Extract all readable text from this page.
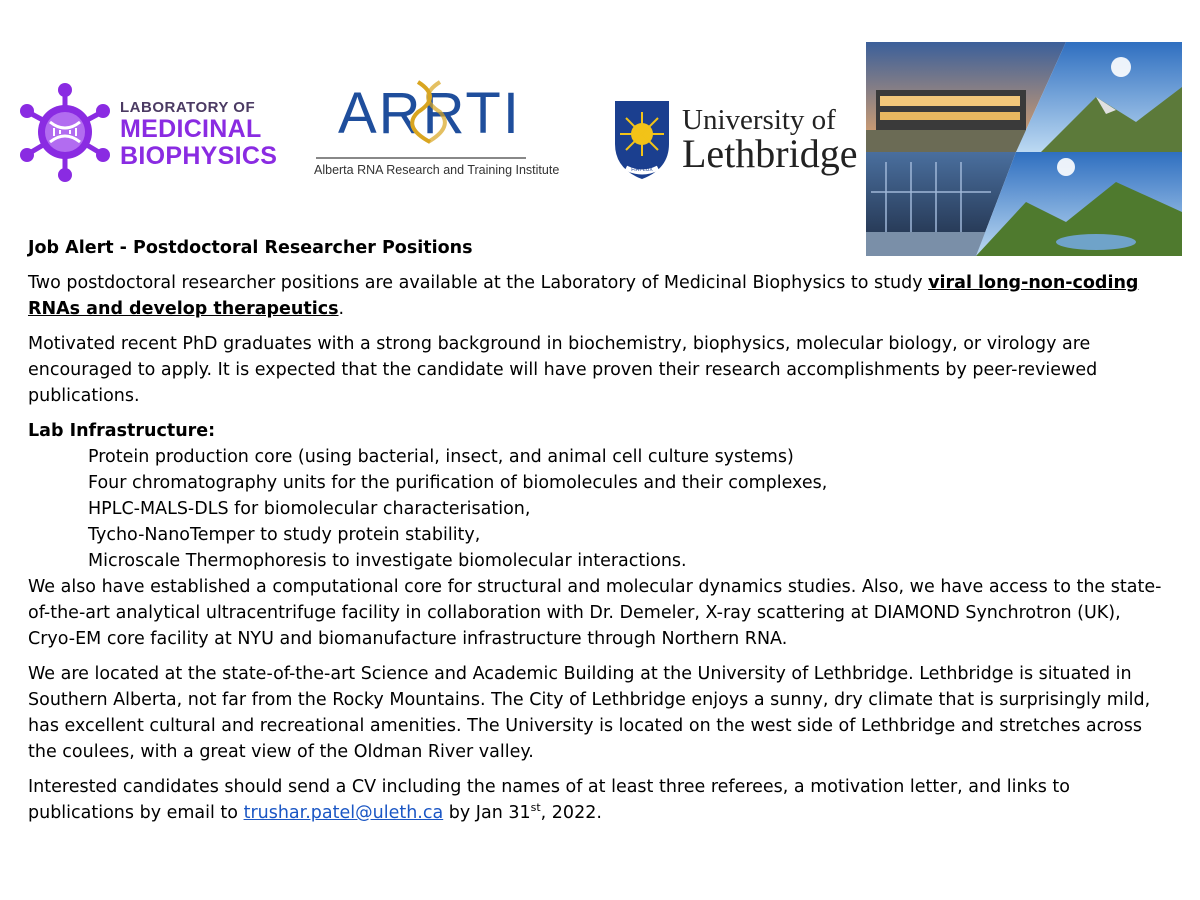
LABORATORY OF
MEDICINAL
BIOPHYSICS
ARRTI
Alberta RNA Research and Training Institute	FIAT LUX
University of
Lethbridge

Job Alert - Postdoctoral Researcher Positions

Two postdoctoral researcher positions are available at the Laboratory of Medicinal Biophysics to study viral long-non-coding RNAs and develop therapeutics.

Motivated recent PhD graduates with a strong background in biochemistry, biophysics, molecular biology, or virology are encouraged to apply. It is expected that the candidate will have proven their research accomplishments by peer-reviewed publications.

Lab Infrastructure:
Protein production core (using bacterial, insect, and animal cell culture systems)
Four chromatography units for the purification of biomolecules and their complexes,
HPLC-MALS-DLS for biomolecular characterisation,
Tycho-NanoTemper to study protein stability,
Microscale Thermophoresis to investigate biomolecular interactions.

We also have established a computational core for structural and molecular dynamics studies. Also, we have access to the state-of-the-art analytical ultracentrifuge facility in collaboration with Dr. Demeler, X-ray scattering at DIAMOND Synchrotron (UK), Cryo-EM core facility at NYU and biomanufacture infrastructure through Northern RNA.

We are located at the state-of-the-art Science and Academic Building at the University of Lethbridge. Lethbridge is situated in Southern Alberta, not far from the Rocky Mountains. The City of Lethbridge enjoys a sunny, dry climate that is surprisingly mild, has excellent cultural and recreational amenities. The University is located on the west side of Lethbridge and stretches across the coulees, with a great view of the Oldman River valley.

Interested candidates should send a CV including the names of at least three referees, a motivation letter, and links to publications by email to trushar.patel@uleth.ca by Jan 31st, 2022.
